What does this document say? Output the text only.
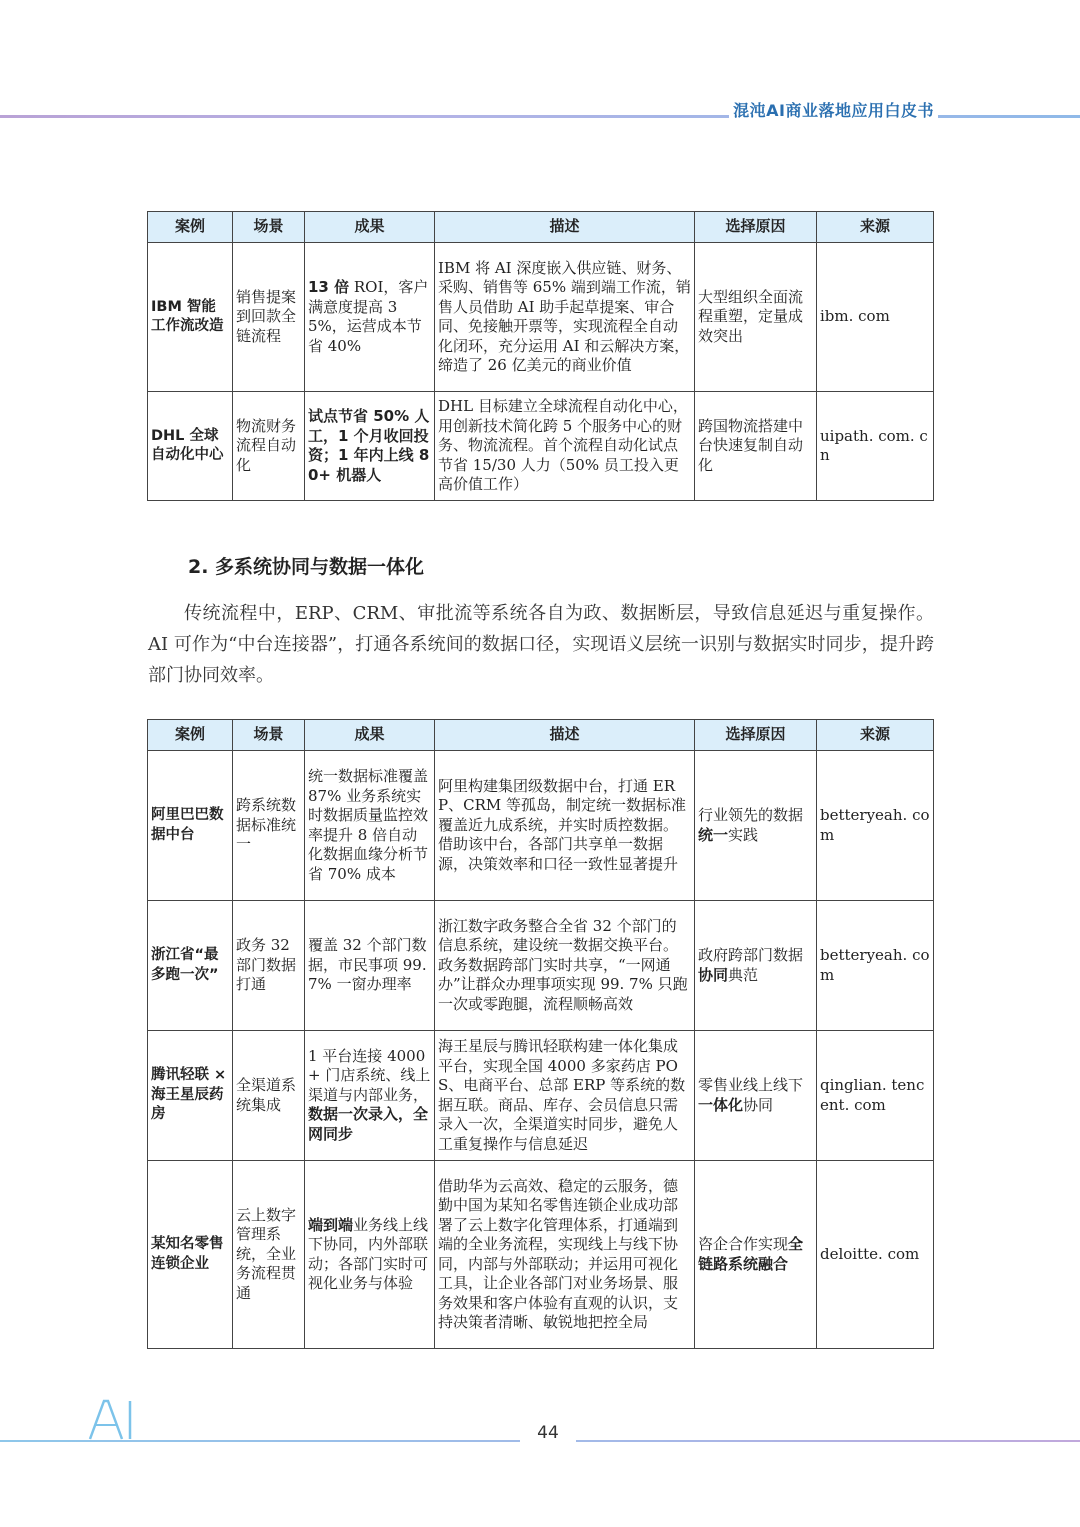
混沌AI商业落地应用白皮书
案例	场景	成果	描述	选择原因	来源
IBM 智能工作流改造	销售提案到回款全链流程	13 倍 ROI，客户满意度提高 35%，运营成本节省 40%	IBM 将 AI 深度嵌入供应链、财务、采购、销售等 65% 端到端工作流，销售人员借助 AI 助手起草提案、审合同、免接触开票等，实现流程全自动化闭环，充分运用 AI 和云解决方案，缔造了 26 亿美元的商业价值	大型组织全面流程重塑，定量成效突出	ibm. com
DHL 全球自动化中心	物流财务流程自动化	试点节省 50% 人工，1 个月收回投资；1 年内上线 80+ 机器人	DHL 目标建立全球流程自动化中心，用创新技术简化跨 5 个服务中心的财务、物流流程。首个流程自动化试点节省 15/30 人力（50% 员工投入更高价值工作）	跨国物流搭建中台快速复制自动化	uipath. com. cn
2. 多系统协同与数据一体化

传统流程中，ERP、CRM、审批流等系统各自为政、数据断层，导致信息延迟与重复操作。AI 可作为“中台连接器”，打通各系统间的数据口径，实现语义层统一识别与数据实时同步，提升跨部门协同效率。

案例	场景	成果	描述	选择原因	来源
阿里巴巴数据中台	跨系统数据标准统一	统一数据标准覆盖 87% 业务系统实时数据质量监控效率提升 8 倍自动化数据血缘分析节省 70% 成本	阿里构建集团级数据中台，打通 ERP、CRM 等孤岛，制定统一数据标准覆盖近九成系统，并实时质控数据。借助该中台，各部门共享单一数据源，决策效率和口径一致性显著提升	行业领先的数据统一实践	betteryeah. com
浙江省“最多跑一次”	政务 32 部门数据打通	覆盖 32 个部门数据，市民事项 99. 7% 一窗办理率	浙江数字政务整合全省 32 个部门的信息系统，建设统一数据交换平台。政务数据跨部门实时共享，“一网通办”让群众办理事项实现 99. 7% 只跑一次或零跑腿，流程顺畅高效	政府跨部门数据协同典范	betteryeah. com
腾讯轻联 × 海王星辰药房	全渠道系统集成	1 平台连接 4000+ 门店系统、线上渠道与内部业务，数据一次录入，全网同步	海王星辰与腾讯轻联构建一体化集成平台，实现全国 4000 多家药店 POS、电商平台、总部 ERP 等系统的数据互联。商品、库存、会员信息只需录入一次，全渠道实时同步，避免人工重复操作与信息延迟	零售业线上线下一体化协同	qinglian. tencent. com
某知名零售连锁企业	云上数字管理系统，全业务流程贯通	端到端业务线上线下协同，内外部联动；各部门实时可视化业务与体验	借助华为云高效、稳定的云服务，德勤中国为某知名零售连锁企业成功部署了云上数字化管理体系，打通端到端的全业务流程，实现线上与线下协同，内部与外部联动；并运用可视化工具，让企业各部门对业务场景、服务效果和客户体验有直观的认识，支持决策者清晰、敏锐地把控全局	咨企合作实现全链路系统融合	deloitte. com
AI	44
